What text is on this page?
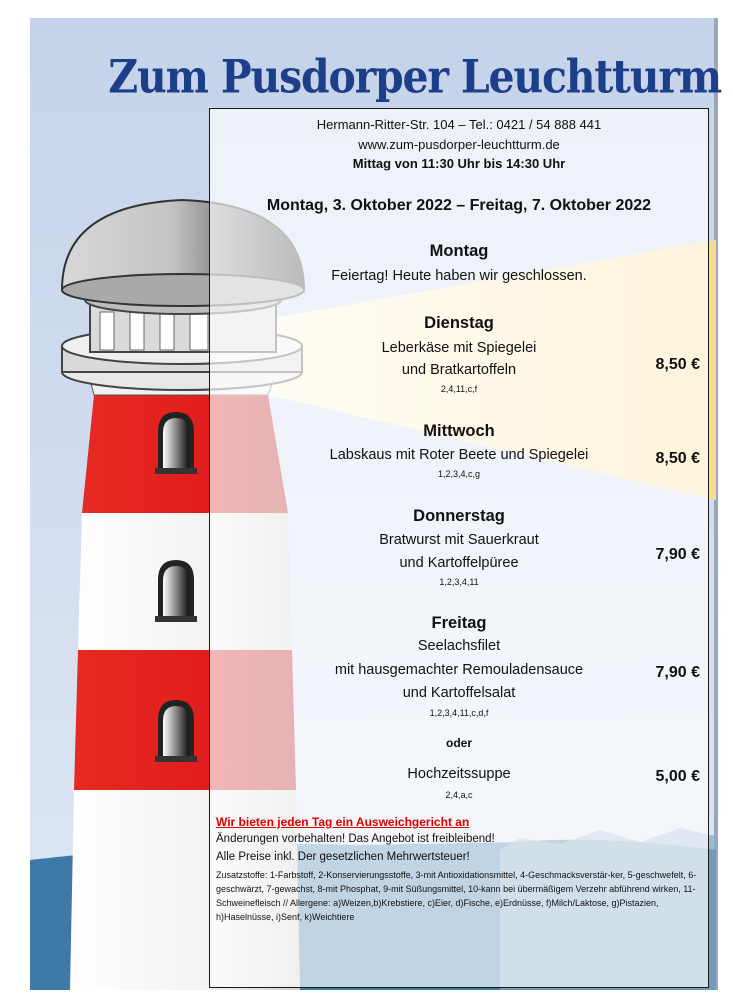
Zum Pusdorper Leuchtturm
Hermann-Ritter-Str. 104 – Tel.: 0421 / 54 888 441
www.zum-pusdorper-leuchtturm.de
Mittag von 11:30 Uhr bis 14:30 Uhr
Montag, 3. Oktober 2022 – Freitag, 7. Oktober 2022
Montag
Feiertag! Heute haben wir geschlossen.
Dienstag
Leberkäse mit Spiegelei
und Bratkartoffeln
2,4,11,c,f
8,50 €
Mittwoch
Labskaus mit Roter Beete und Spiegelei
1,2,3,4,c,g
8,50 €
Donnerstag
Bratwurst mit Sauerkraut
und Kartoffelpüree
1,2,3,4,11
7,90 €
Freitag
Seelachsfilet
mit hausgemachter Remouladensauce
und Kartoffelsalat
1,2,3,4,11,c,d,f
7,90 €
oder
Hochzeitssuppe
2,4,a,c
5,00 €
Wir bieten jeden Tag ein Ausweichgericht an
Änderungen vorbehalten! Das Angebot ist freibleibend!
Alle Preise inkl. Der gesetzlichen Mehrwertsteuer!
Zusatzstoffe: 1-Farbstoff, 2-Konservierungsstoffe, 3-mit Antioxidationsmittel, 4-Geschmacksverstär-ker, 5-geschwefelt, 6-geschwärzt, 7-gewachst, 8-mit Phosphat, 9-mit Süßungsmittel, 10-kann bei übermäßigem Verzehr abführend wirken, 11-Schweinefleisch // Allergene: a)Weizen,b)Krebstiere, c)Eier, d)Fische, e)Erdnüsse, f)Milch/Laktose, g)Pistazien, h)Haselnüsse, i)Senf, k)Weichtiere
